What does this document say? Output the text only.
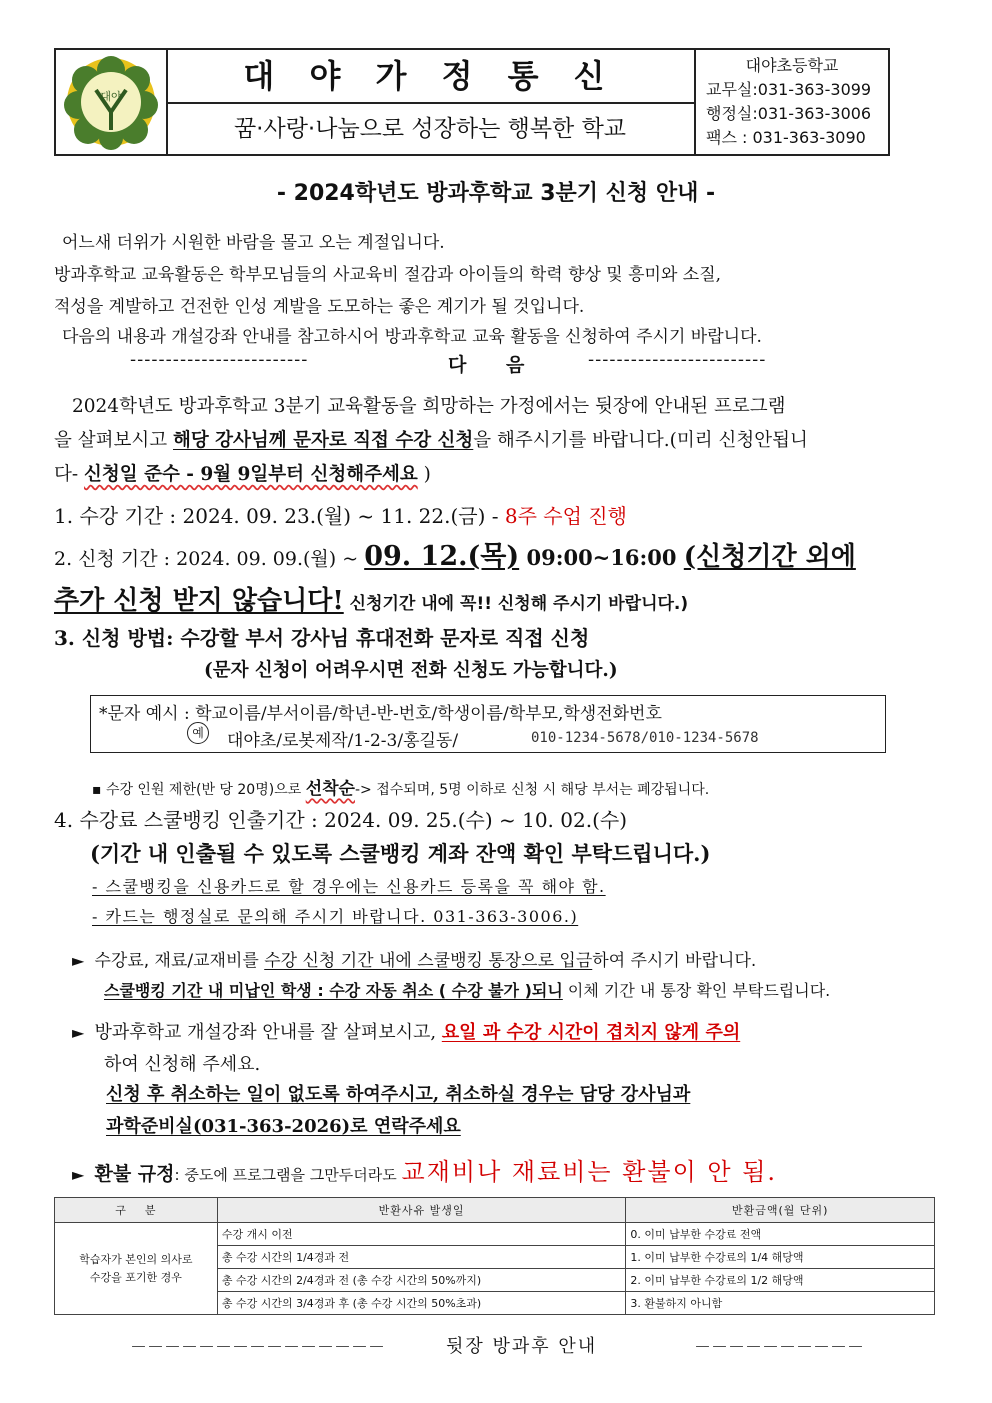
대야
대 야 가 정 통 신
꿈·사랑·나눔으로 성장하는 행복한 학교
대야초등학교
교무실:031-363-3099
행정실:031-363-3006
팩스 : 031-363-3090
- 2024학년도 방과후학교 3분기 신청 안내 -
어느새 더위가 시원한 바람을 몰고 오는 계절입니다.
방과후학교 교육활동은 학부모님들의 사교육비 절감과 아이들의 학력 향상 및 흥미와 소질,
적성을 계발하고 건전한 인성 계발을 도모하는 좋은 계기가 될 것입니다.
다음의 내용과 개설강좌 안내를 참고하시어 방과후학교 교육 활동을 신청하여 주시기 바랍니다.
-------------------------	다      음	-------------------------
2024학년도 방과후학교 3분기 교육활동을 희망하는 가정에서는 뒷장에 안내된 프로그램
을 살펴보시고 해당 강사님께 문자로 직접 수강 신청을 해주시기를 바랍니다.(미리 신청안됩니
다- 신청일 준수 - 9월 9일부터 신청해주세요 )
1. 수강 기간 : 2024. 09. 23.(월) ~ 11. 22.(금) - 8주 수업 진행
2. 신청 기간 : 2024. 09. 09.(월) ~ 09. 12.(목) 09:00~16:00 (신청기간 외에
추가 신청 받지 않습니다! 신청기간 내에 꼭!! 신청해 주시기 바랍니다.)
3. 신청 방법: 수강할 부서 강사님 휴대전화 문자로 직접 신청
(문자 신청이 어려우시면 전화 신청도 가능합니다.)
*문자 예시 : 학교이름/부서이름/학년-반-번호/학생이름/학부모,학생전화번호
예	대야초/로봇제작/1-2-3/홍길동/	010-1234-5678/010-1234-5678
▪ 수강 인원 제한(반 당 20명)으로 선착순-> 접수되며, 5명 이하로 신청 시 해당 부서는 폐강됩니다.
4. 수강료 스쿨뱅킹 인출기간 : 2024. 09. 25.(수) ~ 10. 02.(수)
(기간 내 인출될 수 있도록 스쿨뱅킹 계좌 잔액 확인 부탁드립니다.)
- 스쿨뱅킹을 신용카드로 할 경우에는 신용카드 등록을 꼭 해야 함.
- 카드는 행정실로 문의해 주시기 바랍니다. 031-363-3006.)
► 수강료, 재료/교재비를 수강 신청 기간 내에 스쿨뱅킹 통장으로 입금하여 주시기 바랍니다.
스쿨뱅킹 기간 내 미납인 학생 : 수강 자동 취소 ( 수강 불가 )되니 이체 기간 내 통장 확인 부탁드립니다.
► 방과후학교 개설강좌 안내를 잘 살펴보시고, 요일 과 수강 시간이 겹치지 않게 주의
하여 신청해 주세요.
신청 후 취소하는 일이 없도록 하여주시고, 취소하실 경우는 담당 강사님과
과학준비실(031-363-2026)로 연락주세요
► 환불 규정: 중도에 프로그램을 그만두더라도 교재비나 재료비는 환불이 안 됨.
구    분	반환사유 발생일	반환금액(월 단위)

학습자가 본인의 의사로
수강을 포기한 경우	수강 개시 이전	0. 이미 납부한 수강료 전액
	총 수강 시간의 1/4경과 전	1. 이미 납부한 수강료의 1/4 해당액
	총 수강 시간의 2/4경과 전 (총 수강 시간의 50%까지)	2. 이미 납부한 수강료의 1/2 해당액
	총 수강 시간의 3/4경과 후 (총 수강 시간의 50%초과)	3. 환불하지 아니함
－－－－－－－－－－－－－－－	뒷장 방과후 안내	－－－－－－－－－－
